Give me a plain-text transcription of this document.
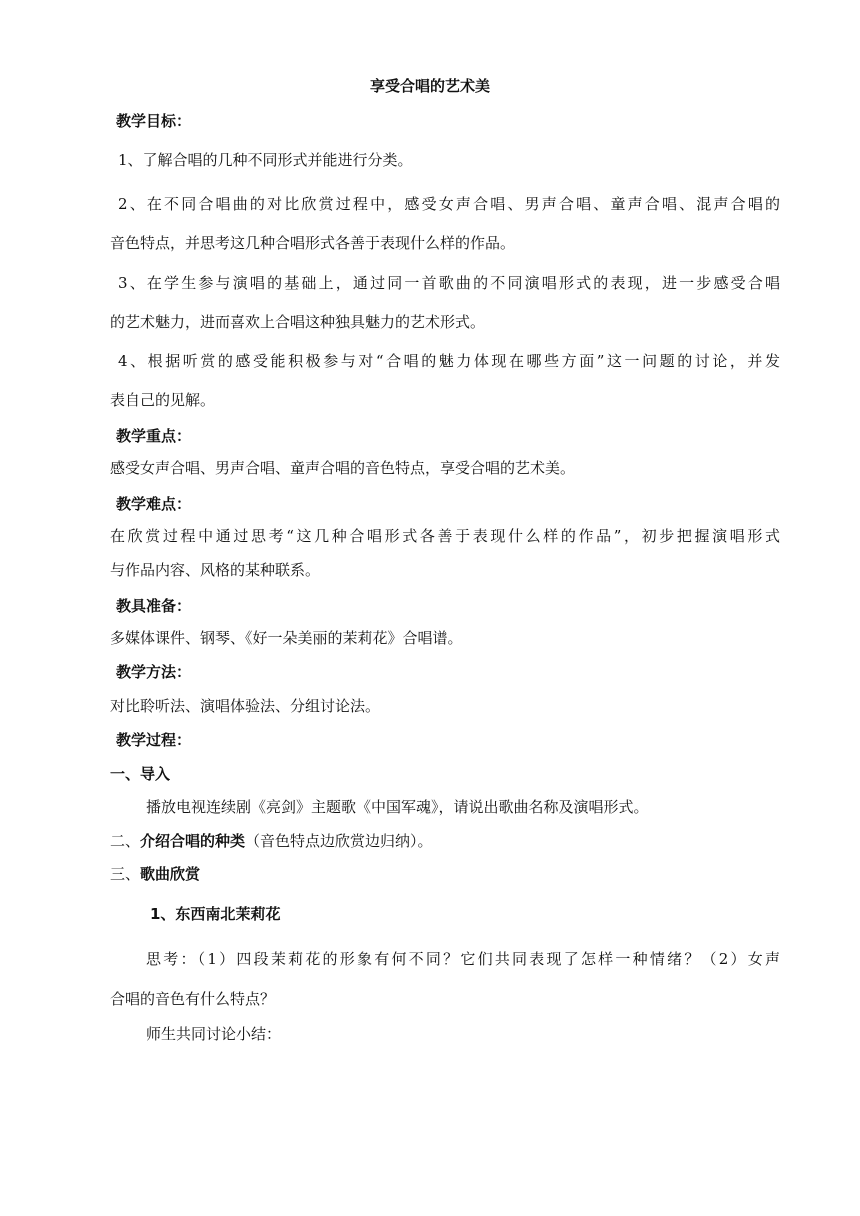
享受合唱的艺术美
教学目标：
1、了解合唱的几种不同形式并能进行分类。
2、在不同合唱曲的对比欣赏过程中，感受女声合唱、男声合唱、童声合唱、混声合唱的
音色特点，并思考这几种合唱形式各善于表现什么样的作品。
3、在学生参与演唱的基础上，通过同一首歌曲的不同演唱形式的表现，进一步感受合唱
的艺术魅力，进而喜欢上合唱这种独具魅力的艺术形式。
4、根据听赏的感受能积极参与对“合唱的魅力体现在哪些方面”这一问题的讨论，并发
表自己的见解。
教学重点：
感受女声合唱、男声合唱、童声合唱的音色特点，享受合唱的艺术美。
教学难点：
在欣赏过程中通过思考“这几种合唱形式各善于表现什么样的作品”，初步把握演唱形式
与作品内容、风格的某种联系。
教具准备：
多媒体课件、钢琴、《好一朵美丽的茉莉花》合唱谱。
教学方法：
对比聆听法、演唱体验法、分组讨论法。
教学过程：
一、导入
播放电视连续剧《亮剑》主题歌《中国军魂》，请说出歌曲名称及演唱形式。
二、介绍合唱的种类（音色特点边欣赏边归纳）。
三、歌曲欣赏
1、东西南北茉莉花
思考：（1）四段茉莉花的形象有何不同？它们共同表现了怎样一种情绪？（2）女声
合唱的音色有什么特点？
师生共同讨论小结：
